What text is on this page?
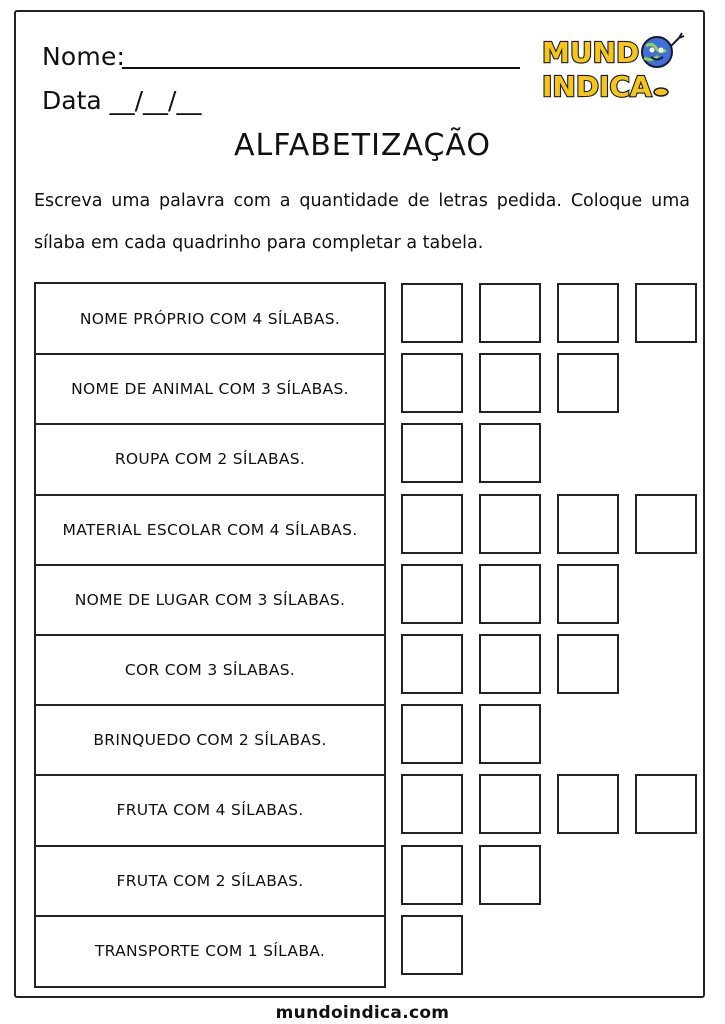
Nome:
Data __/__/__
MUND
INDICA
ALFABETIZAÇÃO
Escreva uma palavra com a quantidade de letras pedida. Coloque uma sílaba em cada quadrinho para completar a tabela.
NOME PRÓPRIO COM 4 SÍLABAS.
NOME DE ANIMAL COM 3 SÍLABAS.
ROUPA COM 2 SÍLABAS.
MATERIAL ESCOLAR COM 4 SÍLABAS.
NOME DE LUGAR COM 3 SÍLABAS.
COR COM 3 SÍLABAS.
BRINQUEDO COM 2 SÍLABAS.
FRUTA COM 4 SÍLABAS.
FRUTA COM 2 SÍLABAS.
TRANSPORTE COM 1 SÍLABA.
mundoindica.com
